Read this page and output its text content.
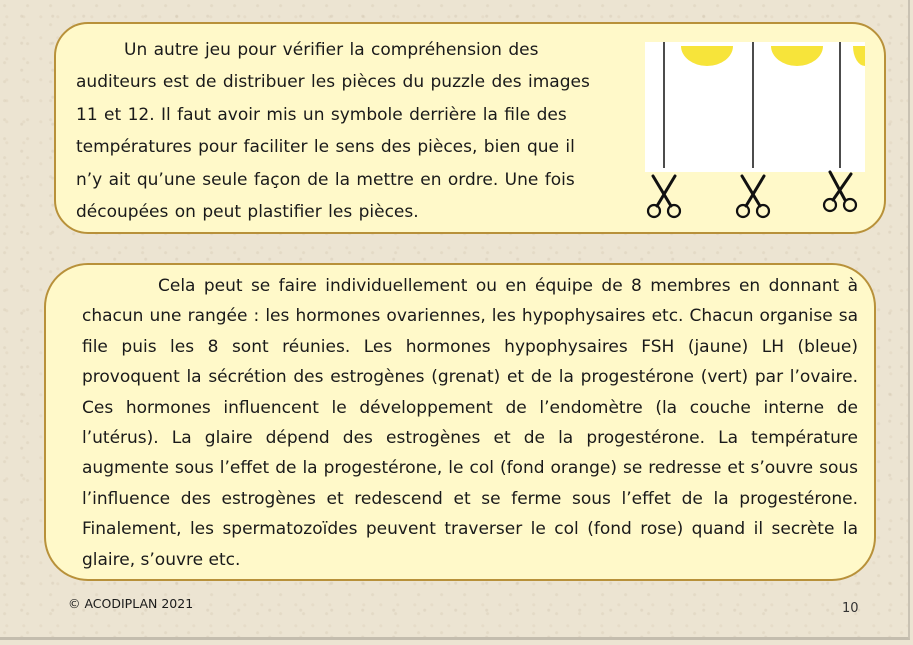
Un autre jeu pour vérifier la compréhension des auditeurs est de distribuer les pièces du puzzle des images 11 et 12. Il faut avoir mis un symbole derrière la file des températures pour faciliter le sens des pièces, bien que il n’y ait qu’une seule façon de la mettre en ordre. Une fois découpées on peut plastifier les pièces.

Cela peut se faire individuellement ou en équipe de 8 membres en donnant à chacun une rangée : les hormones ovariennes, les hypophysaires etc. Chacun organise sa file puis les 8 sont réunies. Les hormones hypophysaires FSH (jaune) LH (bleue) provoquent la sécrétion des estrogènes (grenat) et de la progestérone (vert) par l’ovaire. Ces hormones influencent le développement de l’endomètre (la couche interne de l’utérus). La glaire dépend des estrogènes et de la progestérone. La température augmente sous l’effet de la progestérone, le col (fond orange) se redresse et s’ouvre sous l’influence des estrogènes et redescend et se ferme sous l’effet de la progestérone. Finalement, les spermatozoïdes peuvent traverser le col (fond rose) quand il secrète la glaire, s’ouvre etc.

© ACODIPLAN 2021	10
